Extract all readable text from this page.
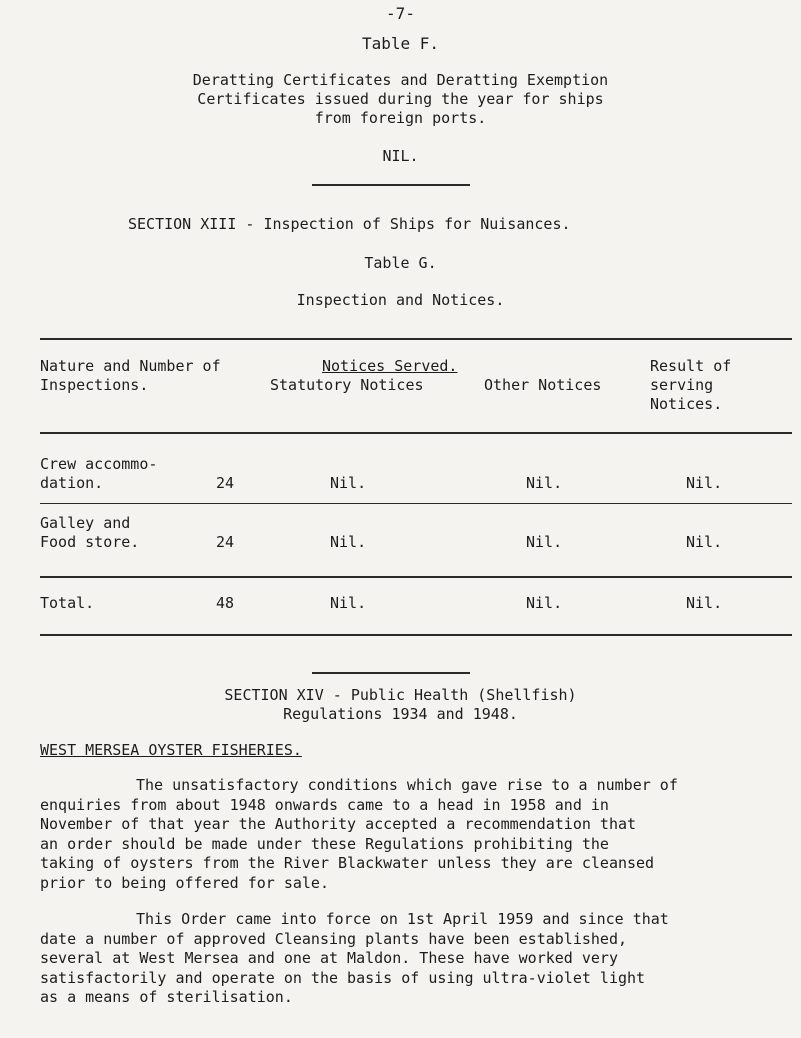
-7-
Table F.
Deratting Certificates and Deratting Exemption
Certificates issued during the year for ships
from foreign ports.
NIL.
SECTION XIII - Inspection of Ships for Nuisances.
Table G.
Inspection and Notices.
Nature and Number of
Inspections.
Notices Served.
Statutory Notices	Other Notices
Result of
serving
Notices.
Crew accommo-
dation.	24	Nil.	Nil.	Nil.
Galley and
Food store.	24	Nil.	Nil.	Nil.
Total.	48	Nil.	Nil.	Nil.
SECTION XIV - Public Health (Shellfish)
Regulations 1934 and 1948.
WEST MERSEA OYSTER FISHERIES.
The unsatisfactory conditions which gave rise to a number of
enquiries from about 1948 onwards came to a head in 1958 and in
November of that year the Authority accepted a recommendation that
an order should be made under these Regulations prohibiting the
taking of oysters from the River Blackwater unless they are cleansed
prior to being offered for sale.
This Order came into force on 1st April 1959 and since that
date a number of approved Cleansing plants have been established,
several at West Mersea and one at Maldon. These have worked very
satisfactorily and operate on the basis of using ultra-violet light
as a means of sterilisation.
